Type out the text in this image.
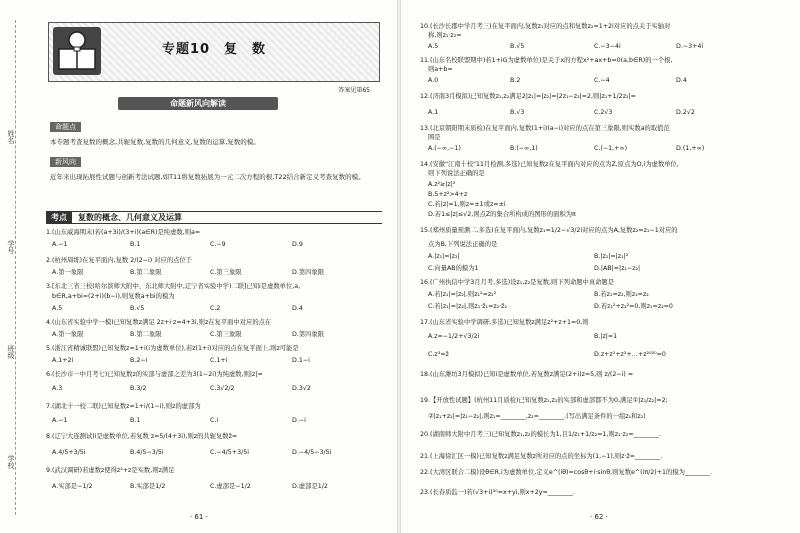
姓名
学号
班级
学校
专题10　复　数
答案见第65
命题新风向解读
命题点
本专题考查复数的概念,共轭复数,复数的几何意义,复数的运算,复数的模。
新风向
近年来出现拓展性试题与创新考法试题,如T11将复数拓展为一元二次方程的根,T22结合新定义考查复数的模。
考点 复数的概念、几何意义及运算
1.(山东威海期末)若(a+3i)/(3+i)(a∈R)是纯虚数,则a=
A.−1	B.1	C.−9	D.9
2.(杭州周练)在复平面内,复数 2/(2−i) 对应的点位于
A.第一象限	B.第二象限	C.第三象限	D.第四象限
3.[东北三省三校(哈尔滨师大附中、东北师大附中,辽宁省实验中学)二联]已知i是虚数单位,a,
b∈R,a+bi=(2+i)(b−i),则复数a+bi的模为
A.5	B.√5	C.2	D.4
4.(山东省实验中学一模)已知复数z满足 2z+i·z=4+3i,则z在复平面中对应的点在
A.第一象限	B.第二象限	C.第三象限	D.第四象限
5.(浙江省精诚联盟)已知复数z=1+i(i为虚数单位),若z(1+i)对应的点在复平面上,则z可能是
A.1+2i	B.2−i	C.1+i	D.1−i
6.(长沙市一中月考七)已知复数z的实部与虚部之差为3(1−2i)为纯虚数,则|z|=
A.3	B.3/2	C.3√2/2	D.3√2
7.(湖北十一校二联)已知复数z=1+i/(1−i),则z的虚部为
A.−1	B.1	C.i	D.−i
8.(辽宁大连测试)i是虚数单位,若复数 z=5/(4+3i),则z的共轭复数z̄=
A.4/5+3/5i	B.4/5−3/5i	C.−4/5+3/5i	D.−4/5−3/5i
9.(武汉调研)若虚数z使得z²+z是实数,则z满足
A.实部是−1/2	B.实部是1/2	C.虚部是−1/2	D.虚部是1/2
· 61 ·
10.(长沙长郡中学月考三)在复平面内,复数z₁对应的点和复数z₂=1+2i对应的点关于实轴对
称,则z₁·z₂=
A.5	B.√5	C.−3−4i	D.−3+4i
11.(山东名校联盟期中)若1+iG为虚数单位)是关于x的方程x²+ax+b=0(a,b∈R)的一个根,
则a+b=
A.0	B.2	C.−4	D.4
12.(济南3月模拟)已知复数z₁,z₂满足2|z₁|=|z₂|=|2z₁−z₂|=2,则|z₁+1/2z₂|=
A.1	B.√3	C.2√3	D.2√2
13.(北京朝阳期末质检)在复平面内,复数(1+i)(a−i)对应的点在第三象限,则实数a的取值范
围是
A.(−∞,−1)	B.(−∞,1)	C.(−1,+∞)	D.(1,+∞)
14.(安徽"江南十校"11月检测,多选)已知复数z在复平面内对应的点为Z,原点为O,i为虚数单位,
则下列说法正确的是
A.z²≥|z|²
B.5+z²>4+z
C.若|z|=1,则z=±1或z=±i
D.若1≤|z|≤√2,则点Z的集合所构成的图形的面积为π
15.(郑州质量预测二,多选)在复平面内,复数z₁=1/2−√3/2i对应的点为A,复数z₂=z₁−1对应的
点为B,下列说法正确的是
A.|z₁|=|z₂|	B.|z₁|=|z₁|²
C.向量AB的模为1	D.|AB|=|z₁−z₂|
16.(广州执信中学3月月考,多选)设z₁,z₂是复数,则下列命题中真命题是
A.若|z₁|=|z₂|,则z₁²=z₂²	B.若z₁=z₂,则z₁=z₂
C.若|z₁|=|z₂|,则z₁·z̄₁=z₂·z̄₂	D.若z₁²+z₂²=0,则z₁=z₂=0
17.(山东省实验中学调研,多选)已知复数z满足z²+z+1=0,则
A.z=−1/2+√3/2i	B.|z|=1
C.z³=z̄	D.z+z²+z³+…+z²⁰²⁰=0
18.(山东潍坊3月模拟)已知i是虚数单位,若复数z满足(2+i)z=5,则 z/(2−i) =
19.【开放性试题】(杭州11月质检)已知复数z₁,z₂的实部和虚部都不为0,满足①|z₁/z₂|=2;
②|z₁+z₂|=|z₁−z₂|,则z₁=________,z₂=________.(写出满足条件的一组z₁和z₂)
20.(湖南师大附中月考三)已知复数z₁,z₂的模长为1,且1/z₁+1/z₂=1,则z₁·z₂=________.
21.(上海徐汇区一模)已知复数z满足复数z所对应的点的坐标为(1,−1),则z·z̄=________.
22.(大湾区联合二模)设θ∈R,i为虚数单位,定义e^(iθ)=cosθ+i·sinθ,则复数e^(iπ/2)+1的模为________.
23.(长春质监一)若(√3+i)³⁰=x+yi,则x+2y=________.
· 62 ·
